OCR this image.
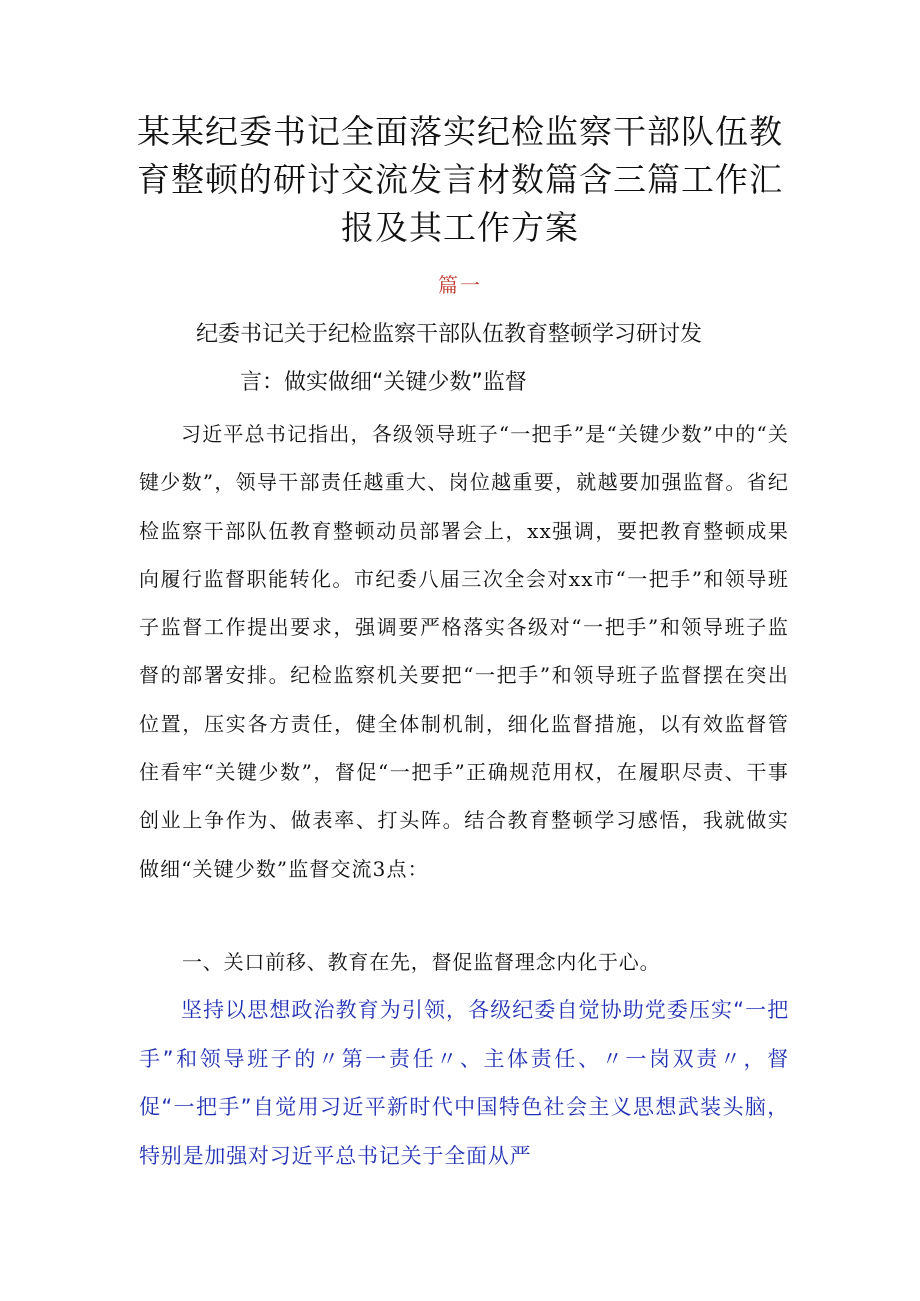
某某纪委书记全面落实纪检监察干部队伍教育整顿的研讨交流发言材数篇含三篇工作汇报及其工作方案
篇一
纪委书记关于纪检监察干部队伍教育整顿学习研讨发
言：做实做细“关键少数”监督

习近平总书记指出，各级领导班子“一把手”是“关键少数”中的“关键少数”，领导干部责任越重大、岗位越重要，就越要加强监督。省纪检监察干部队伍教育整顿动员部署会上，xx强调，要把教育整顿成果向履行监督职能转化。市纪委八届三次全会对xx市“一把手”和领导班子监督工作提出要求，强调要严格落实各级对“一把手”和领导班子监督的部署安排。纪检监察机关要把“一把手”和领导班子监督摆在突出位置，压实各方责任，健全体制机制，细化监督措施，以有效监督管住看牢“关键少数”，督促“一把手”正确规范用权，在履职尽责、干事创业上争作为、做表率、打头阵。结合教育整顿学习感悟，我就做实做细“关键少数”监督交流3点：

一、关口前移、教育在先，督促监督理念内化于心。

坚持以思想政治教育为引领，各级纪委自觉协助党委压实“一把手”和领导班子的〃第一责任〃、主体责任、〃一岗双责〃，督促“一把手”自觉用习近平新时代中国特色社会主义思想武装头脑，特别是加强对习近平总书记关于全面从严
